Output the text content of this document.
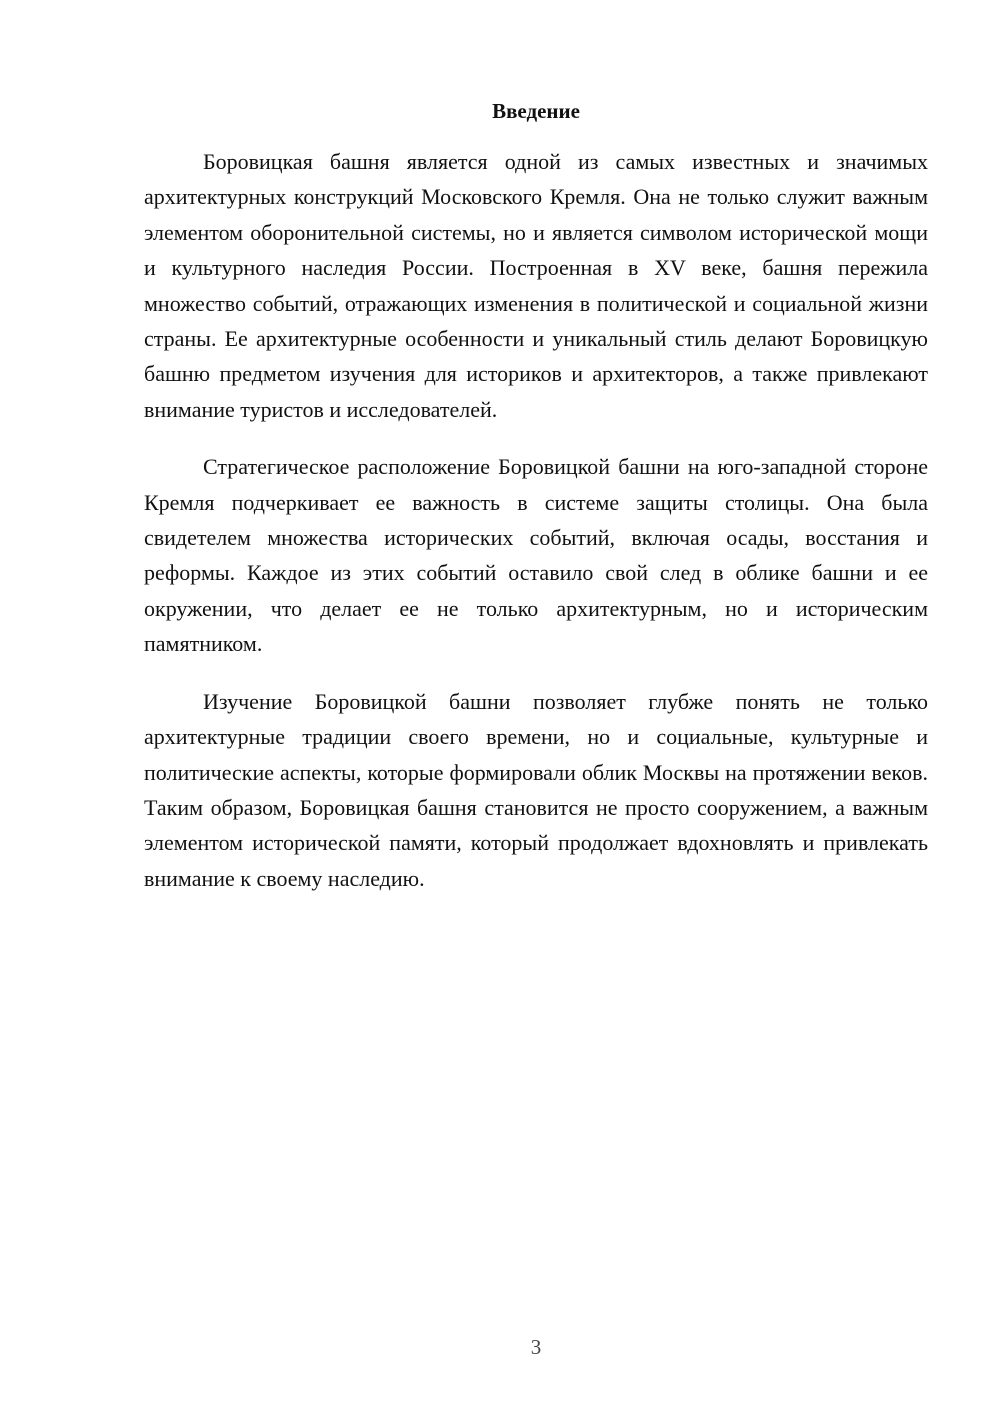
Введение

Боровицкая башня является одной из самых известных и значимых архитектурных конструкций Московского Кремля. Она не только служит важным элементом оборонительной системы, но и является символом исторической мощи и культурного наследия России. Построенная в XV веке, башня пережила множество событий, отражающих изменения в политической и социальной жизни страны. Ее архитектурные особенности и уникальный стиль делают Боровицкую башню предметом изучения для историков и архитекторов, а также привлекают внимание туристов и исследователей.

Стратегическое расположение Боровицкой башни на юго-западной стороне Кремля подчеркивает ее важность в системе защиты столицы. Она была свидетелем множества исторических событий, включая осады, восстания и реформы. Каждое из этих событий оставило свой след в облике башни и ее окружении, что делает ее не только архитектурным, но и историческим памятником.

Изучение Боровицкой башни позволяет глубже понять не только архитектурные традиции своего времени, но и социальные, культурные и политические аспекты, которые формировали облик Москвы на протяжении веков. Таким образом, Боровицкая башня становится не просто сооружением, а важным элементом исторической памяти, который продолжает вдохновлять и привлекать внимание к своему наследию.

3
